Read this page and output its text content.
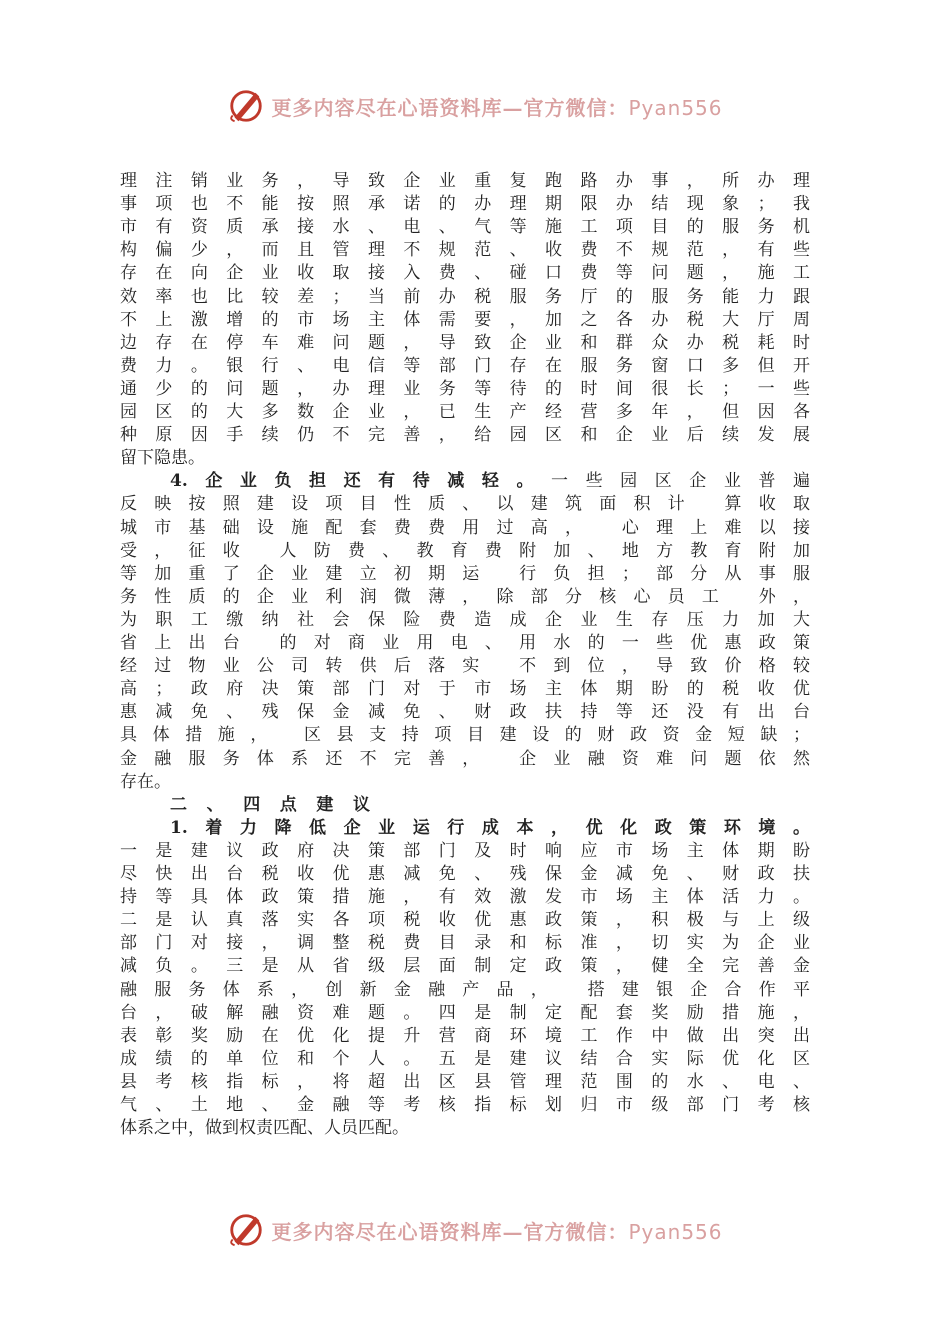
更多内容尽在心语资料库—官方微信：Pyan556
理注销业务，导致企业重复跑路办事，所办理
事项也不能按照承诺的办理期限办结现象；我
市有资质承接水、电、气等施工项目的服务机
构偏少，而且管理不规范、收费不规范，有些
存在向企业收取接入费、碰口费等问题，施工
效率也比较差；当前办税服务厅的服务能力跟
不上激增的市场主体需要，加之各办税大厅周
边存在停车难问题，导致企业和群众办税耗时
费力。银行、电信等部门存在服务窗口多但开
通少的问题，办理业务等待的时间很长；一些
园区的大多数企业，已生产经营多年，但因各
种原因手续仍不完善，给园区和企业后续发展
留下隐患。
4.企业负担还有待减轻。一些园区企业普遍
反映按照建设项目性质、以建筑面积计 算收取
城市基础设施配套费费用过高， 心理上难以接
受，征收 人防费、教育费附加、地方教育附加
等加重了企业建立初期运 行负担；部分从事服
务性质的企业利润微薄，除部分核心员工 外，
为职工缴纳社会保险费造成企业生存压力加大
省上出台 的对商业用电、用水的一些优惠政策
经过物业公司转供后落实 不到位，导致价格较
高；政府决策部门对于市场主体期盼的税收优
惠减免、残保金减免、财政扶持等还没有出台
具体措施， 区县支持项目建设的财政资金短缺；
金融服务体系还不完善， 企业融资难问题依然
存在。
二、四点建议
1.着力降低企业运行成本，优化政策环境。
一是建议政府决策部门及时响应市场主体期盼
尽快出台税收优惠减免、残保金减免、财政扶
持等具体政策措施，有效激发市场主体活力。
二是认真落实各项税收优惠政策，积极与上级
部门对接，调整税费目录和标准，切实为企业
减负。三是从省级层面制定政策，健全完善金
融服务体系，创新金融产品， 搭建银企合作平
台，破解融资难题。四是制定配套奖励措施，
表彰奖励在优化提升营商环境工作中做出突出
成绩的单位和个人。五是建议结合实际优化区
县考核指标，将超出区县管理范围的水、电、
气、土地、金融等考核指标划归市级部门考核
体系之中，做到权责匹配、人员匹配。
更多内容尽在心语资料库—官方微信：Pyan556
